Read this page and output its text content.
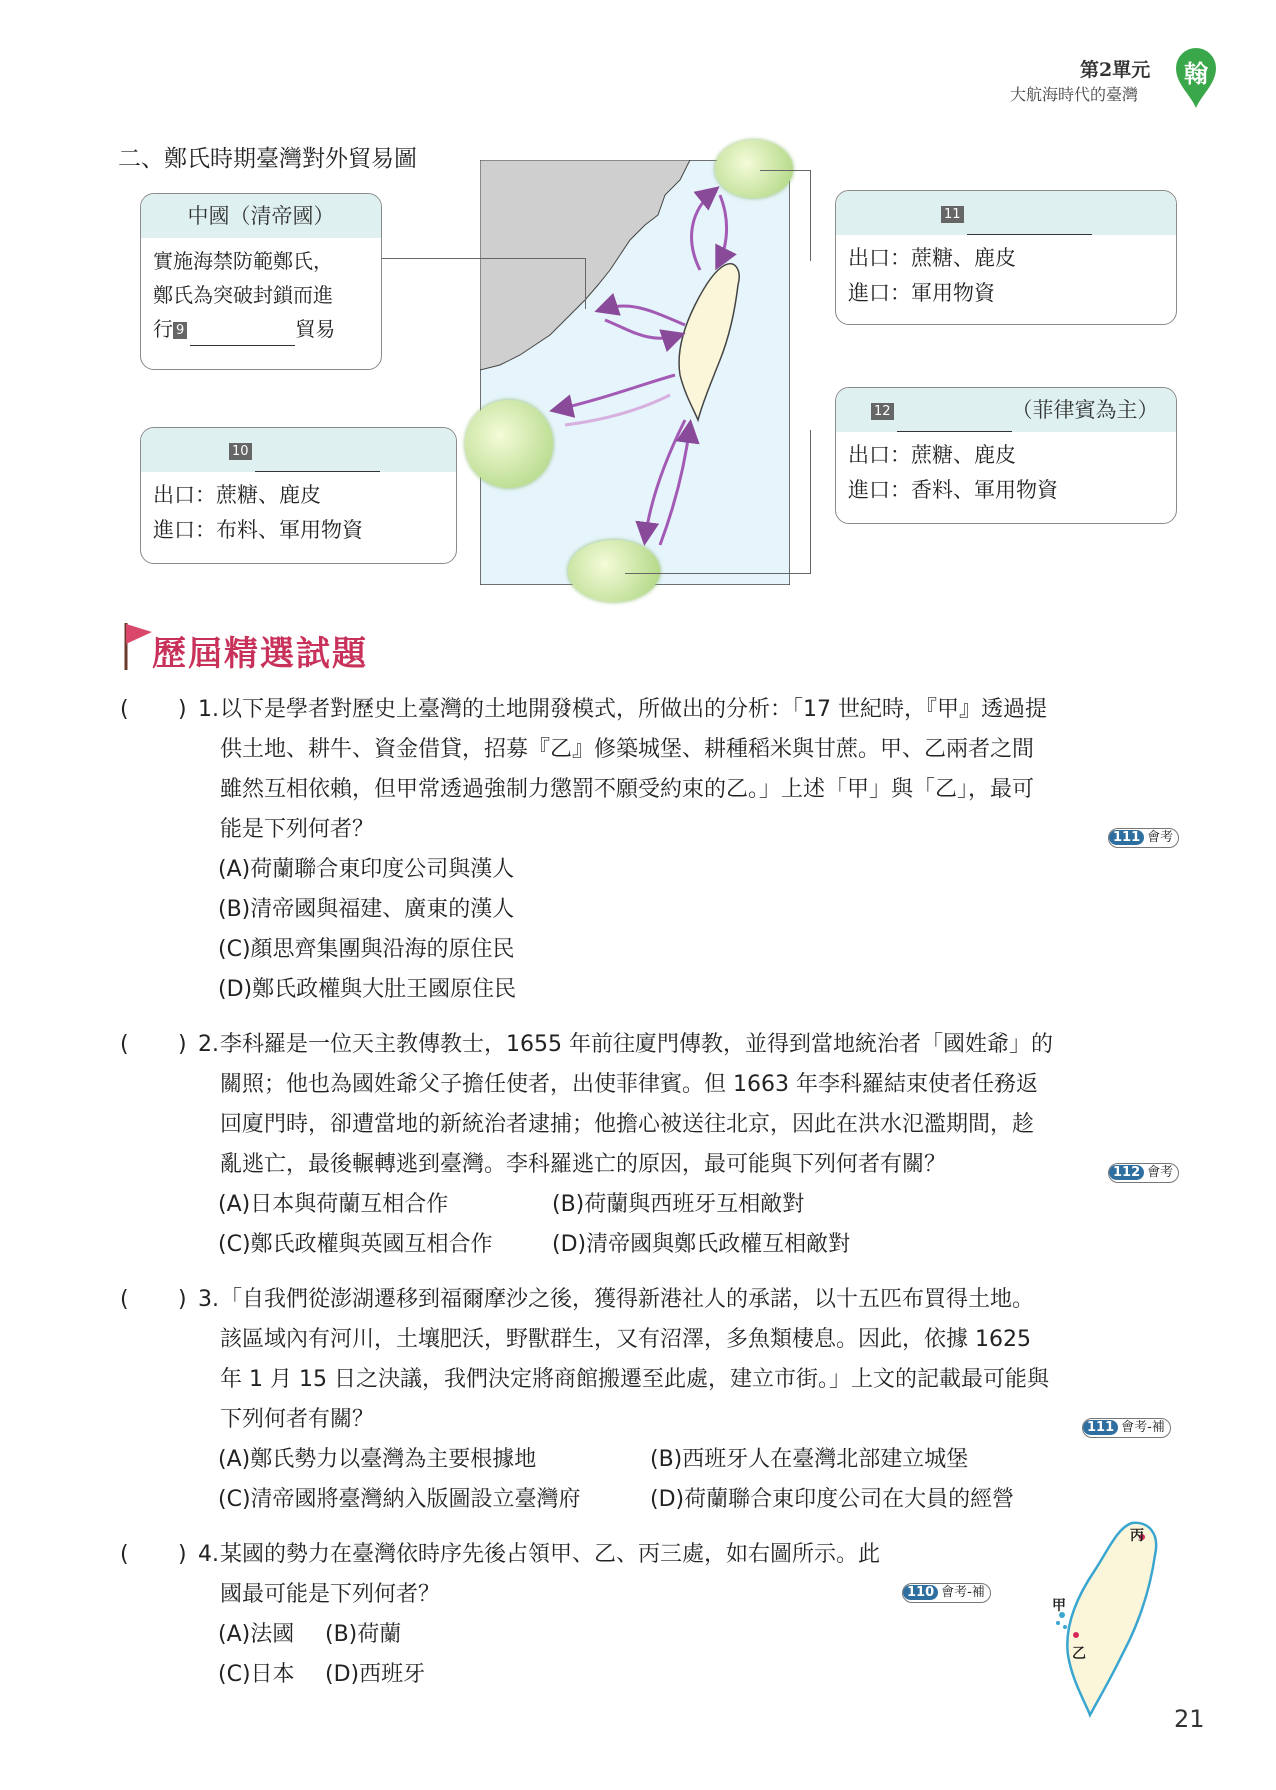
第2單元
大航海時代的臺灣
翰
二、鄭氏時期臺灣對外貿易圖
中國（清帝國）
實施海禁防範鄭氏，
鄭氏為突破封鎖而進
行 9	貿易
10
出口：蔗糖、鹿皮
進口：布料、軍用物資
11
出口：蔗糖、鹿皮
進口：軍用物資
12	（菲律賓為主）
出口：蔗糖、鹿皮
進口：香料、軍用物資
歷屆精選試題
( ) 1. 以下是學者對歷史上臺灣的土地開發模式，所做出的分析：「17 世紀時，『甲』透過提
供土地、耕牛、資金借貸，招募『乙』修築城堡、耕種稻米與甘蔗。甲、乙兩者之間
雖然互相依賴，但甲常透過強制力懲罰不願受約束的乙。」上述「甲」與「乙」，最可
能是下列何者？	111 會考
(A)荷蘭聯合東印度公司與漢人
(B)清帝國與福建、廣東的漢人
(C)顏思齊集團與沿海的原住民
(D)鄭氏政權與大肚王國原住民
( ) 2. 李科羅是一位天主教傳教士，1655 年前往廈門傳教，並得到當地統治者「國姓爺」的
關照；他也為國姓爺父子擔任使者，出使菲律賓。但 1663 年李科羅結束使者任務返
回廈門時，卻遭當地的新統治者逮捕；他擔心被送往北京，因此在洪水氾濫期間，趁
亂逃亡，最後輾轉逃到臺灣。李科羅逃亡的原因，最可能與下列何者有關？	112 會考
(A)日本與荷蘭互相合作	(B)荷蘭與西班牙互相敵對
(C)鄭氏政權與英國互相合作	(D)清帝國與鄭氏政權互相敵對
( ) 3. 「自我們從澎湖遷移到福爾摩沙之後，獲得新港社人的承諾，以十五匹布買得土地。
該區域內有河川，土壤肥沃，野獸群生，又有沼澤，多魚類棲息。因此，依據 1625
年 1 月 15 日之決議，我們決定將商館搬遷至此處，建立市街。」上文的記載最可能與
下列何者有關？	111 會考-補
(A)鄭氏勢力以臺灣為主要根據地	(B)西班牙人在臺灣北部建立城堡
(C)清帝國將臺灣納入版圖設立臺灣府	(D)荷蘭聯合東印度公司在大員的經營
( ) 4. 某國的勢力在臺灣依時序先後占領甲、乙、丙三處，如右圖所示。此
國最可能是下列何者？	110 會考-補
(A)法國 (B)荷蘭
(C)日本 (D)西班牙
丙
甲
乙
21
